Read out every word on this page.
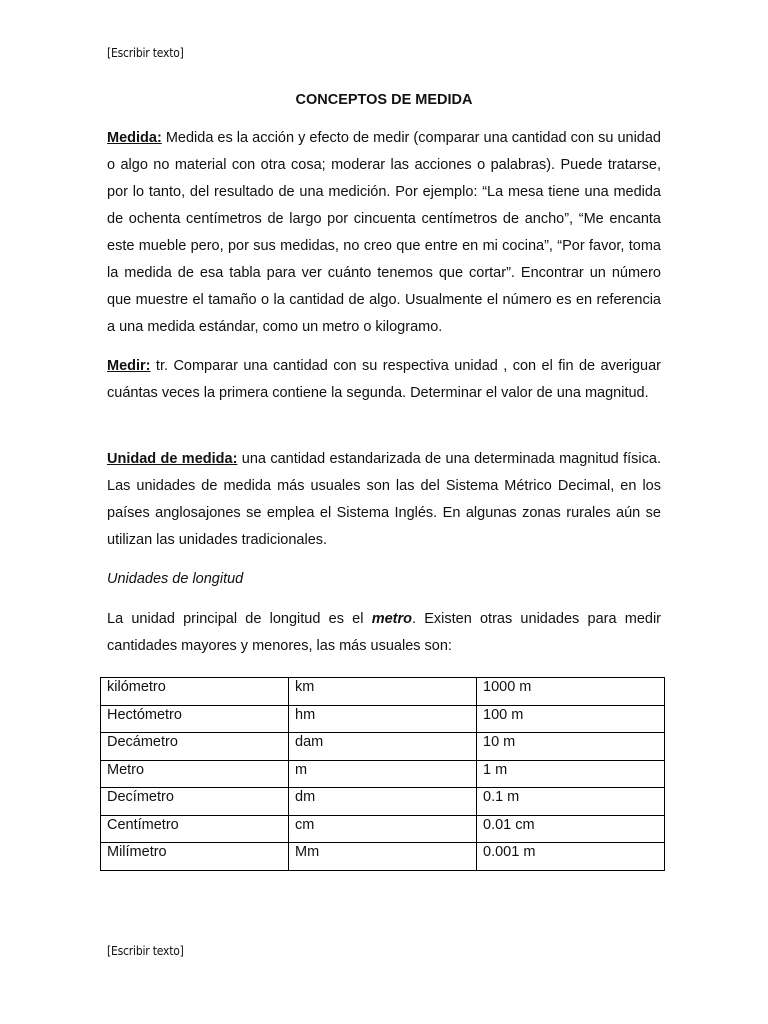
[Escribir texto]
CONCEPTOS DE MEDIDA

Medida: Medida es la acción y efecto de medir (comparar una cantidad con su unidad o algo no material con otra cosa; moderar las acciones o palabras). Puede tratarse, por lo tanto, del resultado de una medición. Por ejemplo: “La mesa tiene una medida de ochenta centímetros de largo por cincuenta centímetros de ancho”, “Me encanta este mueble pero, por sus medidas, no creo que entre en mi cocina”, “Por favor, toma la medida de esa tabla para ver cuánto tenemos que cortar”. Encontrar un número que muestre el tamaño o la cantidad de algo. Usualmente el número es en referencia a una medida estándar, como un metro o kilogramo.

Medir: tr. Comparar una cantidad con su respectiva unidad , con el fin de averiguar cuántas veces la primera contiene la segunda. Determinar el valor de una magnitud.

Unidad de medida: una cantidad estandarizada de una determinada magnitud física. Las unidades de medida más usuales son las del Sistema Métrico Decimal, en los países anglosajones se emplea el Sistema Inglés. En algunas zonas rurales aún se utilizan las unidades tradicionales.

Unidades de longitud

La unidad principal de longitud es el metro. Existen otras unidades para medir cantidades mayores y menores, las más usuales son:

kilómetro	km	1000 m
Hectómetro	hm	100 m
Decámetro	dam	10 m
Metro	m	1 m
Decímetro	dm	0.1 m
Centímetro	cm	0.01 cm
Milímetro	Mm	0.001 m
[Escribir texto]
